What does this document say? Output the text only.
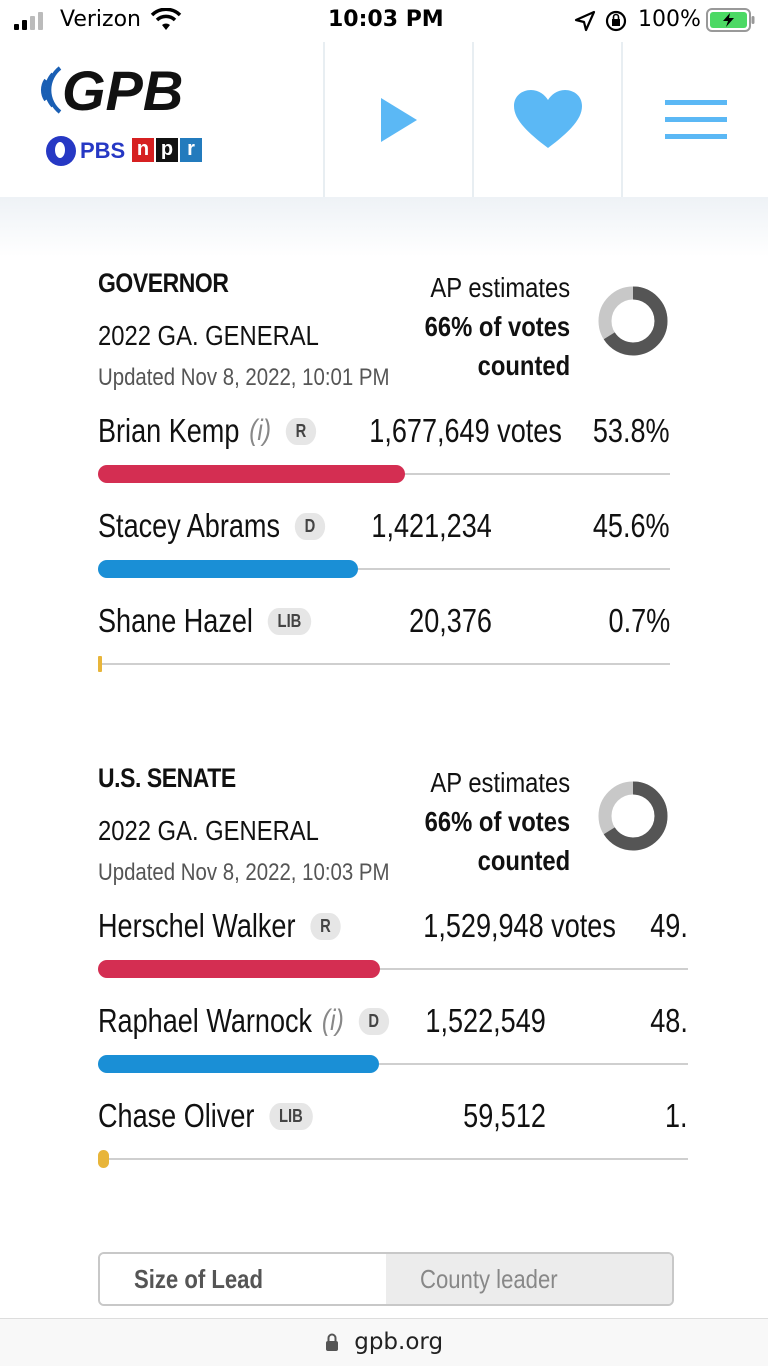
Verizon	10:03 PM	100%
GPB
PBS n p r
GOVERNOR
2022 GA. GENERAL
Updated Nov 8, 2022, 10:01 PM
AP estimates
66% of votes
counted
Brian Kemp (i)	R 1,677,649 votes 53.8%
Stacey Abrams	D 1,421,234	45.6%
Shane Hazel	LIB	20,376	0.7%
U.S. SENATE
2022 GA. GENERAL
Updated Nov 8, 2022, 10:03 PM
AP estimates
66% of votes
counted
Herschel Walker	R	1,529,948 votes 49.
Raphael Warnock (i)	D 1,522,549	48.
Chase Oliver	LIB	59,512	1.
Size of Lead	County leader
gpb.org
